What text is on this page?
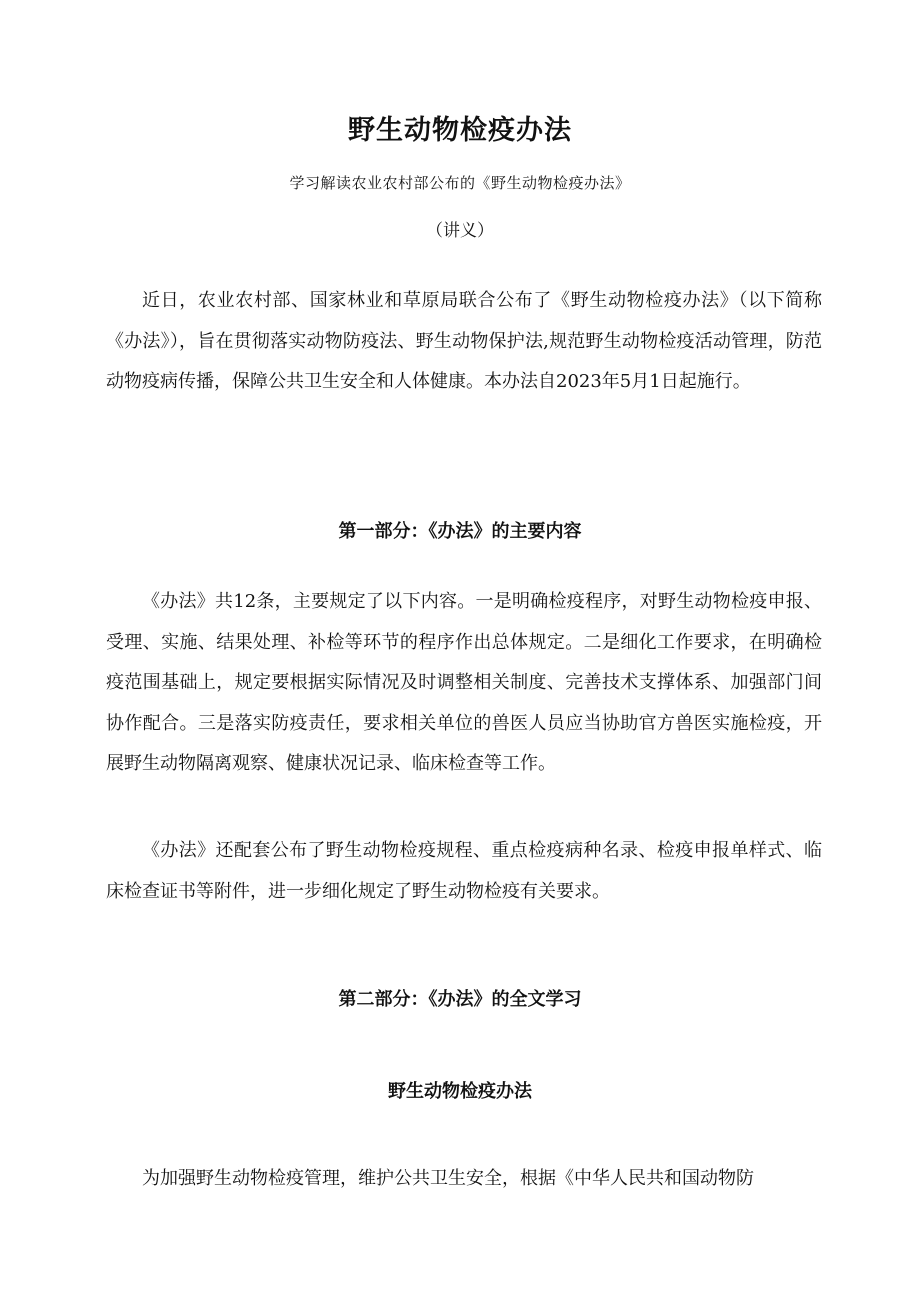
野生动物检疫办法
学习解读农业农村部公布的《野生动物检疫办法》
（讲义）

近日，农业农村部、国家林业和草原局联合公布了《野生动物检疫办法》（以下简称《办法》），旨在贯彻落实动物防疫法、野生动物保护法,规范野生动物检疫活动管理，防范动物疫病传播，保障公共卫生安全和人体健康。本办法自2023年5月1日起施行。

第一部分：《办法》的主要内容

《办法》共12条，主要规定了以下内容。一是明确检疫程序，对野生动物检疫申报、受理、实施、结果处理、补检等环节的程序作出总体规定。二是细化工作要求，在明确检疫范围基础上，规定要根据实际情况及时调整相关制度、完善技术支撑体系、加强部门间协作配合。三是落实防疫责任，要求相关单位的兽医人员应当协助官方兽医实施检疫，开展野生动物隔离观察、健康状况记录、临床检查等工作。

《办法》还配套公布了野生动物检疫规程、重点检疫病种名录、检疫申报单样式、临床检查证书等附件，进一步细化规定了野生动物检疫有关要求。

第二部分：《办法》的全文学习
野生动物检疫办法

为加强野生动物检疫管理，维护公共卫生安全，根据《中华人民共和国动物防
